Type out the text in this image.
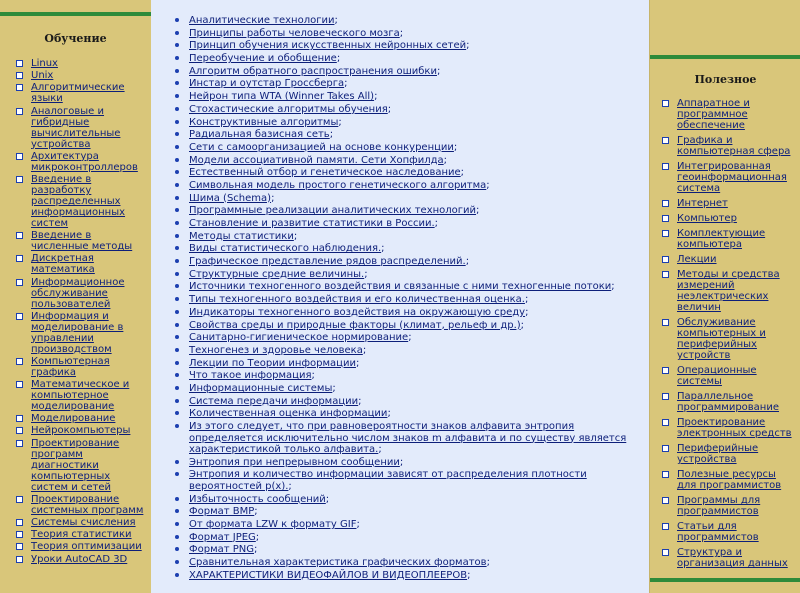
Обучение
Linux
Unix
Алгоритмические языки
Аналоговые и гибридные вычислительные устройства
Архитектура микроконтроллеров
Введение в разработку распределенных информационных систем
Введение в численные методы
Дискретная математика
Информационное обслуживание пользователей
Информация и моделирование в управлении производством
Компьютерная графика
Математическое и компьютерное моделирование
Моделирование
Нейрокомпьютеры
Проектирование программ диагностики компьютерных систем и сетей
Проектирование системных программ
Системы счисления
Теория статистики
Теория оптимизации
Уроки AutoCAD 3D
Аналитические технологии;
Принципы работы человеческого мозга;
Принцип обучения искусственных нейронных сетей;
Переобучение и обобщение;
Алгоритм обратного распространения ошибки;
Инстар и оутстар Гроссберга;
Нейрон типа WTA (Winner Takes All);
Стохастические алгоритмы обучения;
Конструктивные алгоритмы;
Радиальная базисная сеть;
Сети с самоорганизацией на основе конкуренции;
Модели ассоциативной памяти. Сети Хопфилда;
Естественный отбор и генетическое наследование;
Символьная модель простого генетического алгоритма;
Шима (Schema);
Программные реализации аналитических технологий;
Становление и развитие статистики в России.;
Методы статистики;
Виды статистического наблюдения.;
Графическое представление рядов распределений.;
Структурные средние величины.;
Источники техногенного воздействия и связанные с ними техногенные потоки;
Типы техногенного воздействия и его количественная оценка.;
Индикаторы техногенного воздействия на окружающую среду;
Свойства среды и природные факторы (климат, рельеф и др.);
Санитарно-гигиеническое нормирование;
Техногенез и здоровье человека;
Лекции по Теории информации;
Что такое информация;
Информационные системы;
Система передачи информации;
Количественная оценка информации;
Из этого следует, что при равновероятности знаков алфавита энтропия определяется исключительно числом знаков m алфавита и по существу является характеристикой только алфавита.;
Энтропия при непрерывном сообщении;
Энтропия и количество информации зависят от распределения плотности вероятностей p(x).;
Избыточность сообщений;
Формат BMP;
От формата LZW к формату GIF;
Формат JPEG;
Формат PNG;
Сравнительная характеристика графических форматов;
ХАРАКТЕРИСТИКИ ВИДЕОФАЙЛОВ И ВИДЕОПЛЕЕРОВ;
Полезное
Аппаратное и программное обеспечение
Графика и компьютерная сфера
Интегрированная геоинформационная система
Интернет
Компьютер
Комплектующие компьютера
Лекции
Методы и средства измерений неэлектрических величин
Обслуживание компьютерных и периферийных устройств
Операционные системы
Параллельное программирование
Проектирование электронных средств
Периферийные устройства
Полезные ресурсы для программистов
Программы для программистов
Статьи для программистов
Структура и организация данных
